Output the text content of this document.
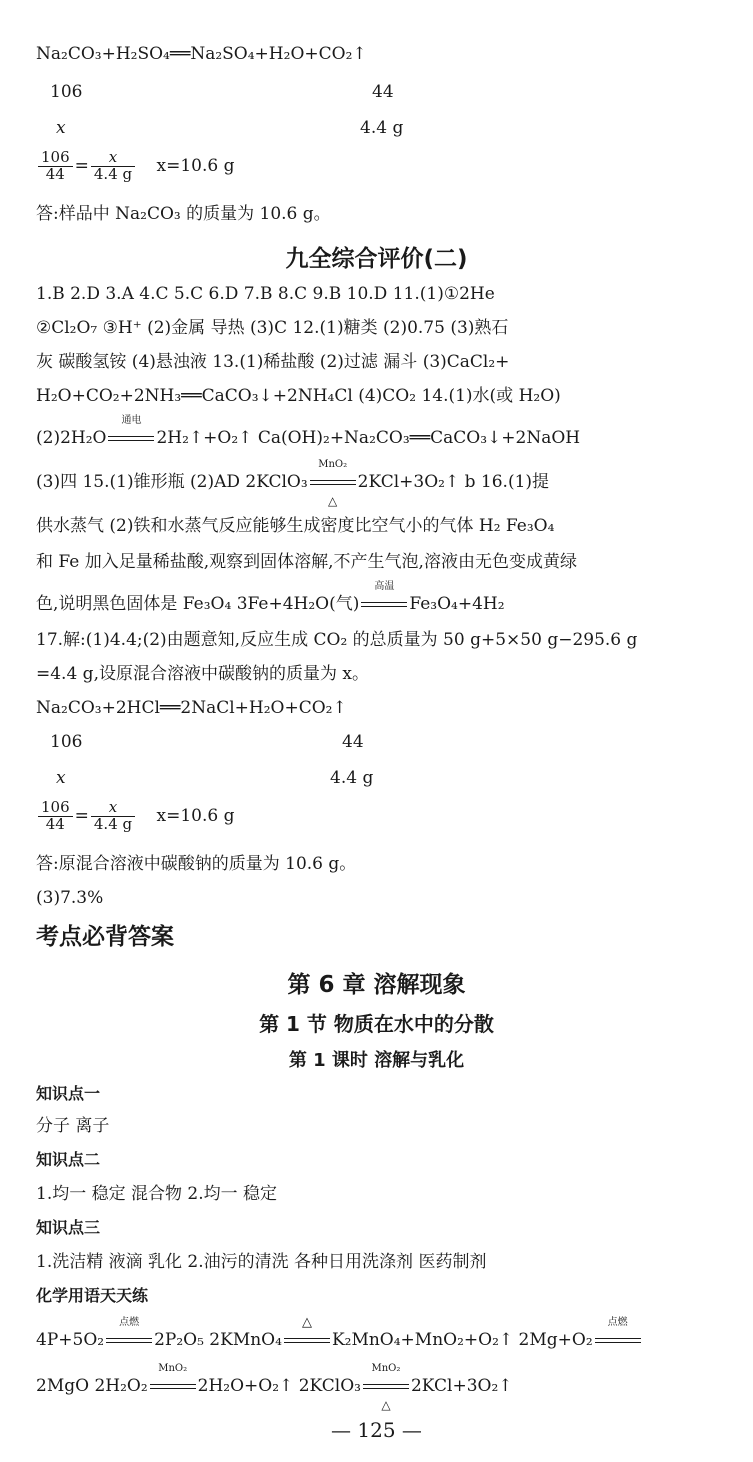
Na₂CO₃+H₂SO₄══Na₂SO₄+H₂O+CO₂↑
106	44
x	4.4 g
$\frac{106}{44} = \frac{x}{4.4 g} x=10.6$ g
答:样品中 Na₂CO₃ 的质量为 10.6 g。
九全综合评价(二)
1.B 2.D 3.A 4.C 5.C 6.D 7.B 8.C 9.B 10.D 11.(1)①2He
②Cl₂O₇ ③H⁺ (2)金属 导热 (3)C 12.(1)糖类 (2)0.75 (3)熟石
灰 碳酸氢铵 (4)悬浊液 13.(1)稀盐酸 (2)过滤 漏斗 (3)CaCl₂+
H₂O+CO₂+2NH₃══CaCO₃↓+2NH₄Cl (4)CO₂ 14.(1)水(或 H₂O)
(2)2H₂O
通电
2H₂↑+O₂↑ Ca(OH)₂+Na₂CO₃══CaCO₃↓+2NaOH
(3)四 15.(1)锥形瓶 (2)AD 2KClO₃
MnO₂
△
2KCl+3O₂↑ b 16.(1)提
供水蒸气 (2)铁和水蒸气反应能够生成密度比空气小的气体 H₂ Fe₃O₄
和 Fe 加入足量稀盐酸,观察到固体溶解,不产生气泡,溶液由无色变成黄绿
色,说明黑色固体是 Fe₃O₄ 3Fe+4H₂O(气)
高温
Fe₃O₄+4H₂
17.解:(1)4.4;(2)由题意知,反应生成 CO₂ 的总质量为 50 g+5×50 g−295.6 g
=4.4 g,设原混合溶液中碳酸钠的质量为 x。
Na₂CO₃+2HCl══2NaCl+H₂O+CO₂↑
106	44
x	4.4 g
$\frac{106}{44} = \frac{x}{4.4 g} x=10.6$ g
答:原混合溶液中碳酸钠的质量为 10.6 g。
(3)7.3%
考点必背答案
第 6 章 溶解现象
第 1 节 物质在水中的分散
第 1 课时 溶解与乳化
知识点一
分子 离子
知识点二
1.均一 稳定 混合物 2.均一 稳定
知识点三
1.洗洁精 液滴 乳化 2.油污的清洗 各种日用洗涤剂 医药制剂
化学用语天天练
4P+5O₂
点燃
2P₂O₅ 2KMnO₄
△
K₂MnO₄+MnO₂+O₂↑ 2Mg+O₂
点燃
2MgO 2H₂O₂
MnO₂
2H₂O+O₂↑ 2KClO₃
MnO₂
△
2KCl+3O₂↑
— 125 —
